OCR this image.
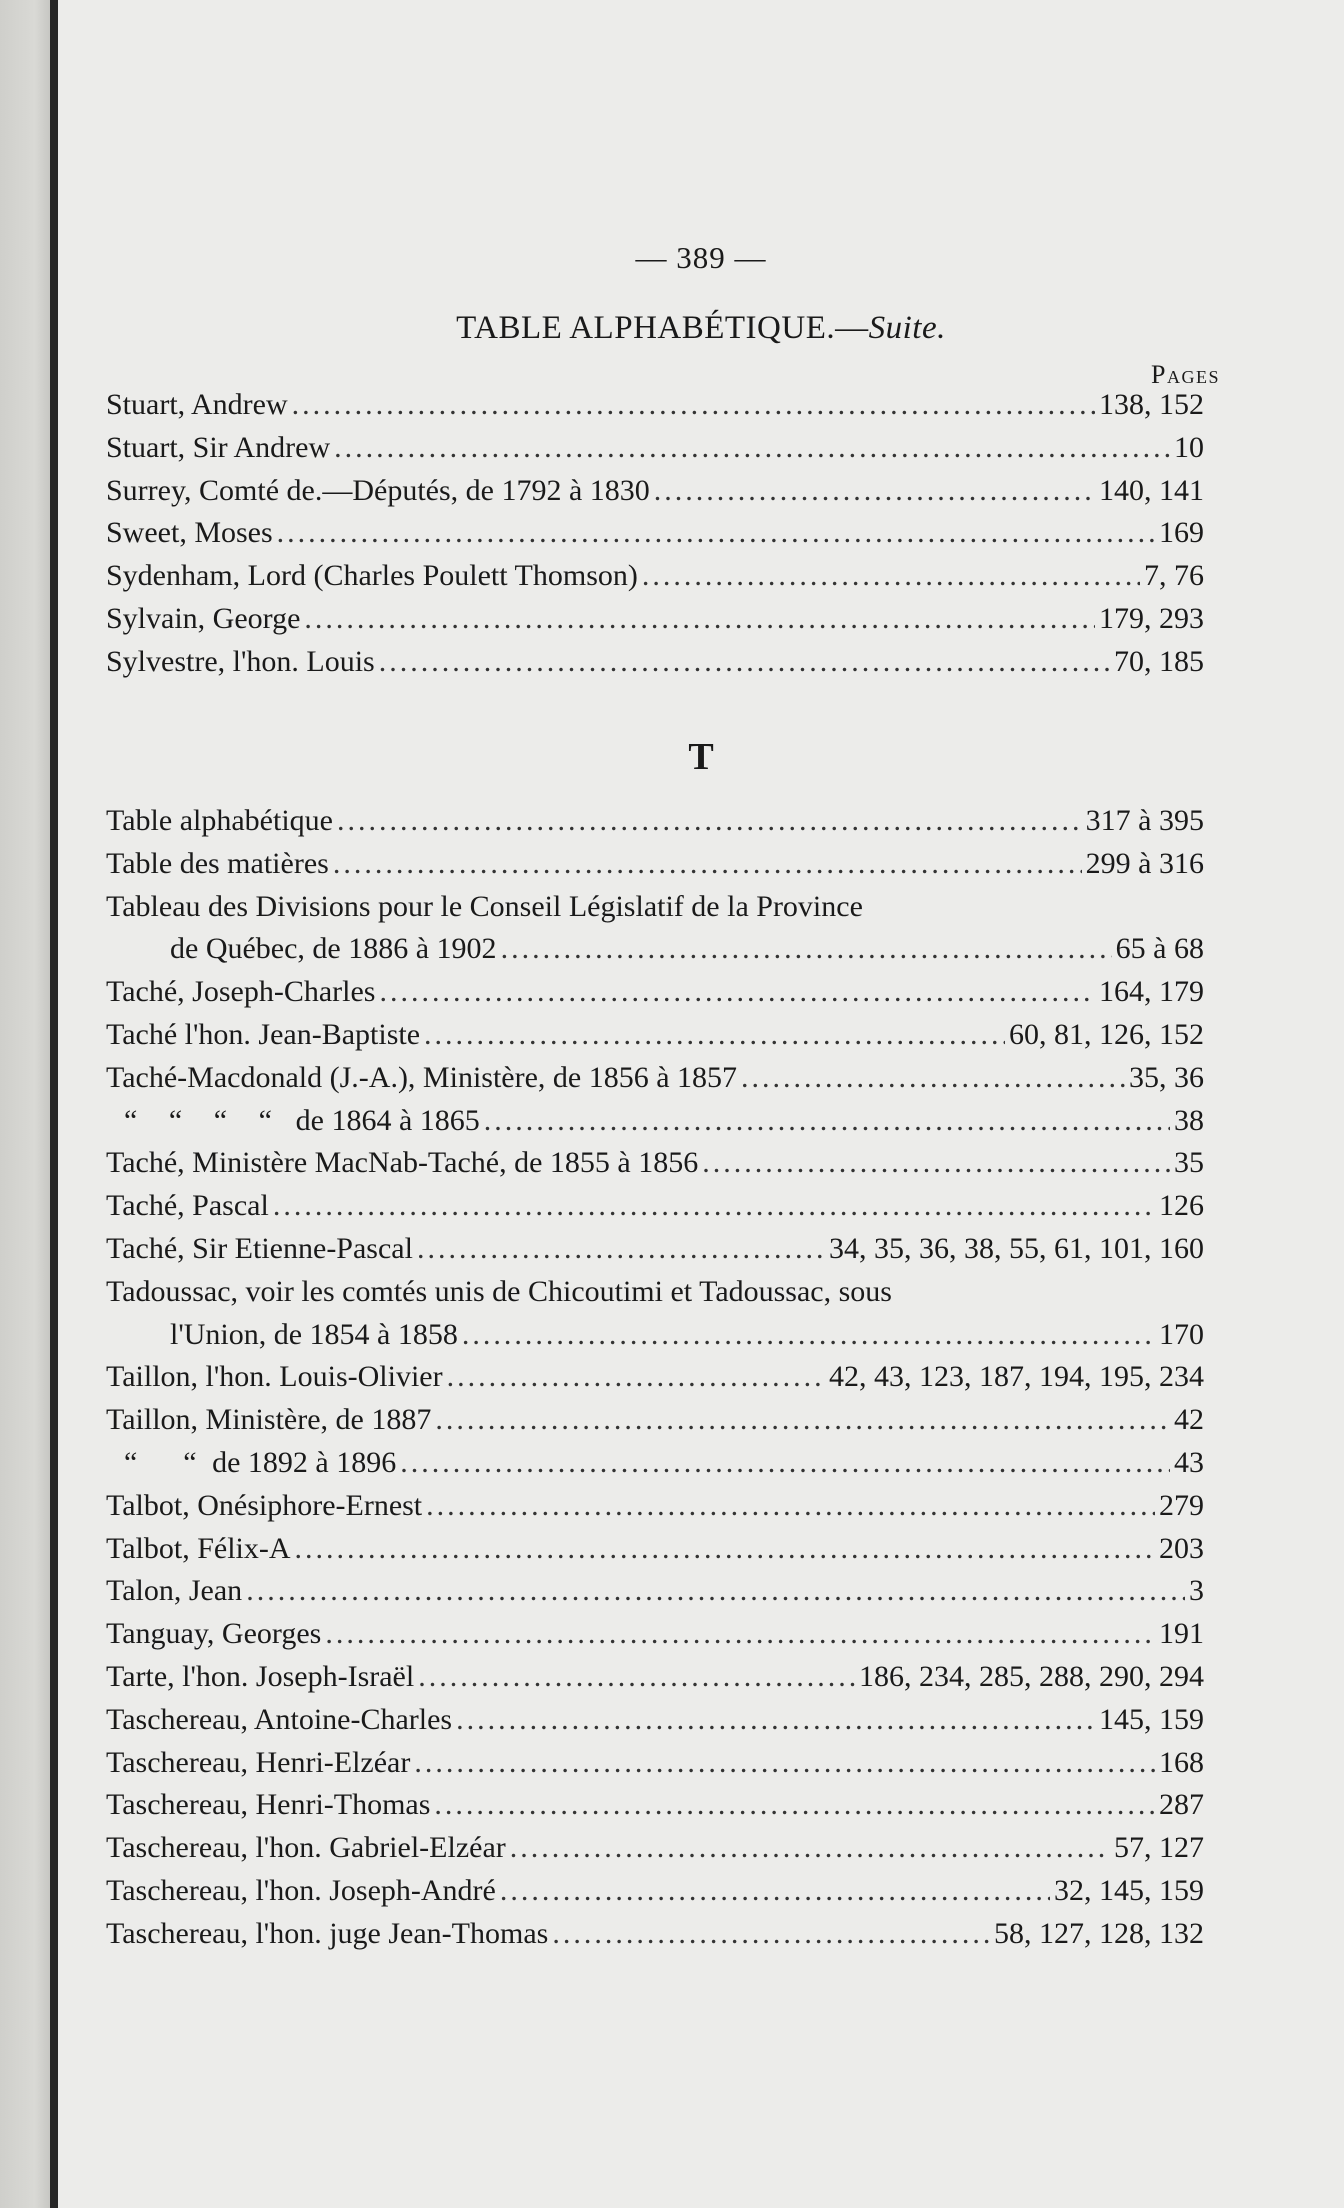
— 389 —
TABLE ALPHABÉTIQUE.—Suite.
Pages
Stuart, Andrew .....	138, 152
Stuart, Sir Andrew .....	10
Surrey, Comté de.—Députés, de 1792 à 1830 .....	140, 141
Sweet, Moses .....	169
Sydenham, Lord (Charles Poulett Thomson) .....	7, 76
Sylvain, George .....	179, 293
Sylvestre, l'hon. Louis .....	70, 185
T
Table alphabétique .....	317 à 395
Table des matières .....	299 à 316
Tableau des Divisions pour le Conseil Législatif de la Province
de Québec, de 1886 à 1902 .....	65 à 68
Taché, Joseph-Charles .....	164, 179
Taché l'hon. Jean-Baptiste .....	60, 81, 126, 152
Taché-Macdonald (J.-A.), Ministère, de 1856 à 1857 .....	35, 36
“	“	“	“ de 1864 à 1865 .....	38
Taché, Ministère MacNab-Taché, de 1855 à 1856 .....	35
Taché, Pascal .....	126
Taché, Sir Etienne-Pascal .....	34, 35, 36, 38, 55, 61, 101, 160
Tadoussac, voir les comtés unis de Chicoutimi et Tadoussac, sous
l'Union, de 1854 à 1858 .....	170
Taillon, l'hon. Louis-Olivier .....	42, 43, 123, 187, 194, 195, 234
Taillon, Ministère, de 1887 .....	42
“	“ de 1892 à 1896 .....	43
Talbot, Onésiphore-Ernest .....	279
Talbot, Félix-A .....	203
Talon, Jean .....	3
Tanguay, Georges .....	191
Tarte, l'hon. Joseph-Israël .....	186, 234, 285, 288, 290, 294
Taschereau, Antoine-Charles .....	145, 159
Taschereau, Henri-Elzéar .....	168
Taschereau, Henri-Thomas .....	287
Taschereau, l'hon. Gabriel-Elzéar .....	57, 127
Taschereau, l'hon. Joseph-André .....	32, 145, 159
Taschereau, l'hon. juge Jean-Thomas .....	58, 127, 128, 132
